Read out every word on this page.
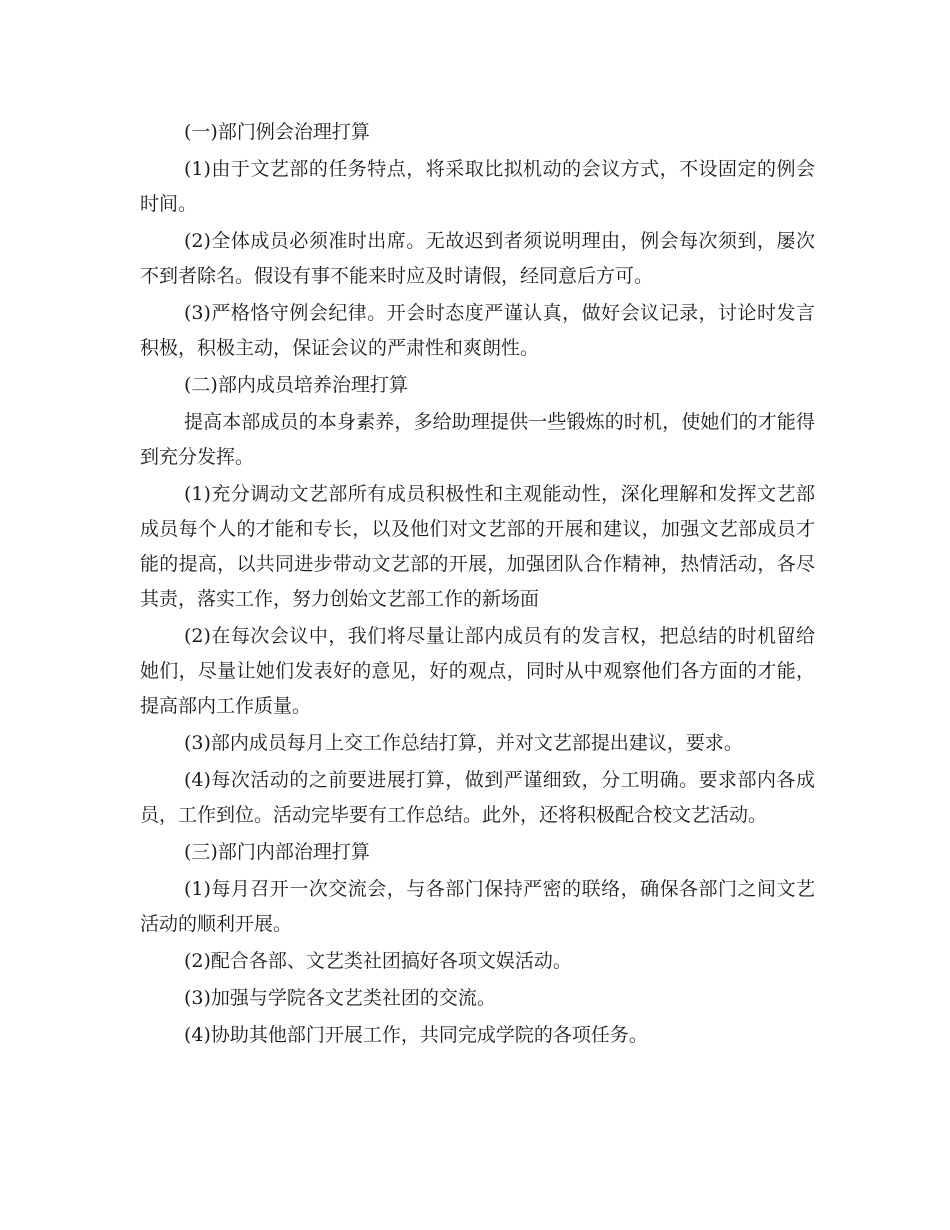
(一)部门例会治理打算

(1)由于文艺部的任务特点，将采取比拟机动的会议方式，不设固定的例会时间。

(2)全体成员必须准时出席。无故迟到者须说明理由，例会每次须到，屡次不到者除名。假设有事不能来时应及时请假，经同意后方可。

(3)严格恪守例会纪律。开会时态度严谨认真，做好会议记录，讨论时发言积极，积极主动，保证会议的严肃性和爽朗性。

(二)部内成员培养治理打算

提高本部成员的本身素养，多给助理提供一些锻炼的时机，使她们的才能得到充分发挥。

(1)充分调动文艺部所有成员积极性和主观能动性，深化理解和发挥文艺部成员每个人的才能和专长，以及他们对文艺部的开展和建议，加强文艺部成员才能的提高，以共同进步带动文艺部的开展，加强团队合作精神，热情活动，各尽其责，落实工作，努力创始文艺部工作的新场面

(2)在每次会议中，我们将尽量让部内成员有的发言权，把总结的时机留给她们，尽量让她们发表好的意见，好的观点，同时从中观察他们各方面的才能，提高部内工作质量。

(3)部内成员每月上交工作总结打算，并对文艺部提出建议，要求。

(4)每次活动的之前要进展打算，做到严谨细致，分工明确。要求部内各成员，工作到位。活动完毕要有工作总结。此外，还将积极配合校文艺活动。

(三)部门内部治理打算

(1)每月召开一次交流会，与各部门保持严密的联络，确保各部门之间文艺活动的顺利开展。

(2)配合各部、文艺类社团搞好各项文娱活动。

(3)加强与学院各文艺类社团的交流。

(4)协助其他部门开展工作，共同完成学院的各项任务。
